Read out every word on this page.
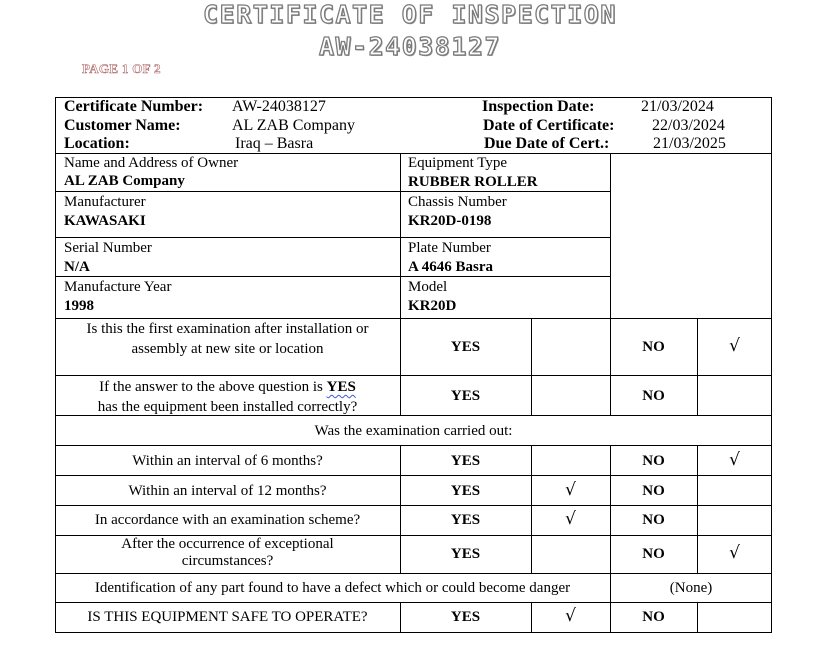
CERTIFICATE OF INSPECTION
AW-24038127
PAGE 1 OF 2
Certificate Number: AW-24038127
Customer Name:	AL ZAB Company
Location:	Iraq – Basra
Inspection Date:	21/03/2024
Date of Certificate: 22/03/2024
Due Date of Cert.:	21/03/2025
Name and Address of Owner
AL ZAB Company
Equipment Type
RUBBER ROLLER
Manufacturer
KAWASAKI
Chassis Number
KR20D-0198
Serial Number
N/A
Plate Number
A 4646 Basra
Manufacture Year
1998
Model
KR20D
Is this the first examination after installation or
assembly at new site or location	YES	NO	√
If the answer to the above question is YES
has the equipment been installed correctly?
YES	NO
Was the examination carried out:
Within an interval of 6 months?	YES	NO	√
Within an interval of 12 months?	YES	√	NO
In accordance with an examination scheme?	YES	√	NO
After the occurrence of exceptional
circumstances?	YES	NO	√
Identification of any part found to have a defect which or could become danger	(None)
IS THIS EQUIPMENT SAFE TO OPERATE?	YES	√	NO
